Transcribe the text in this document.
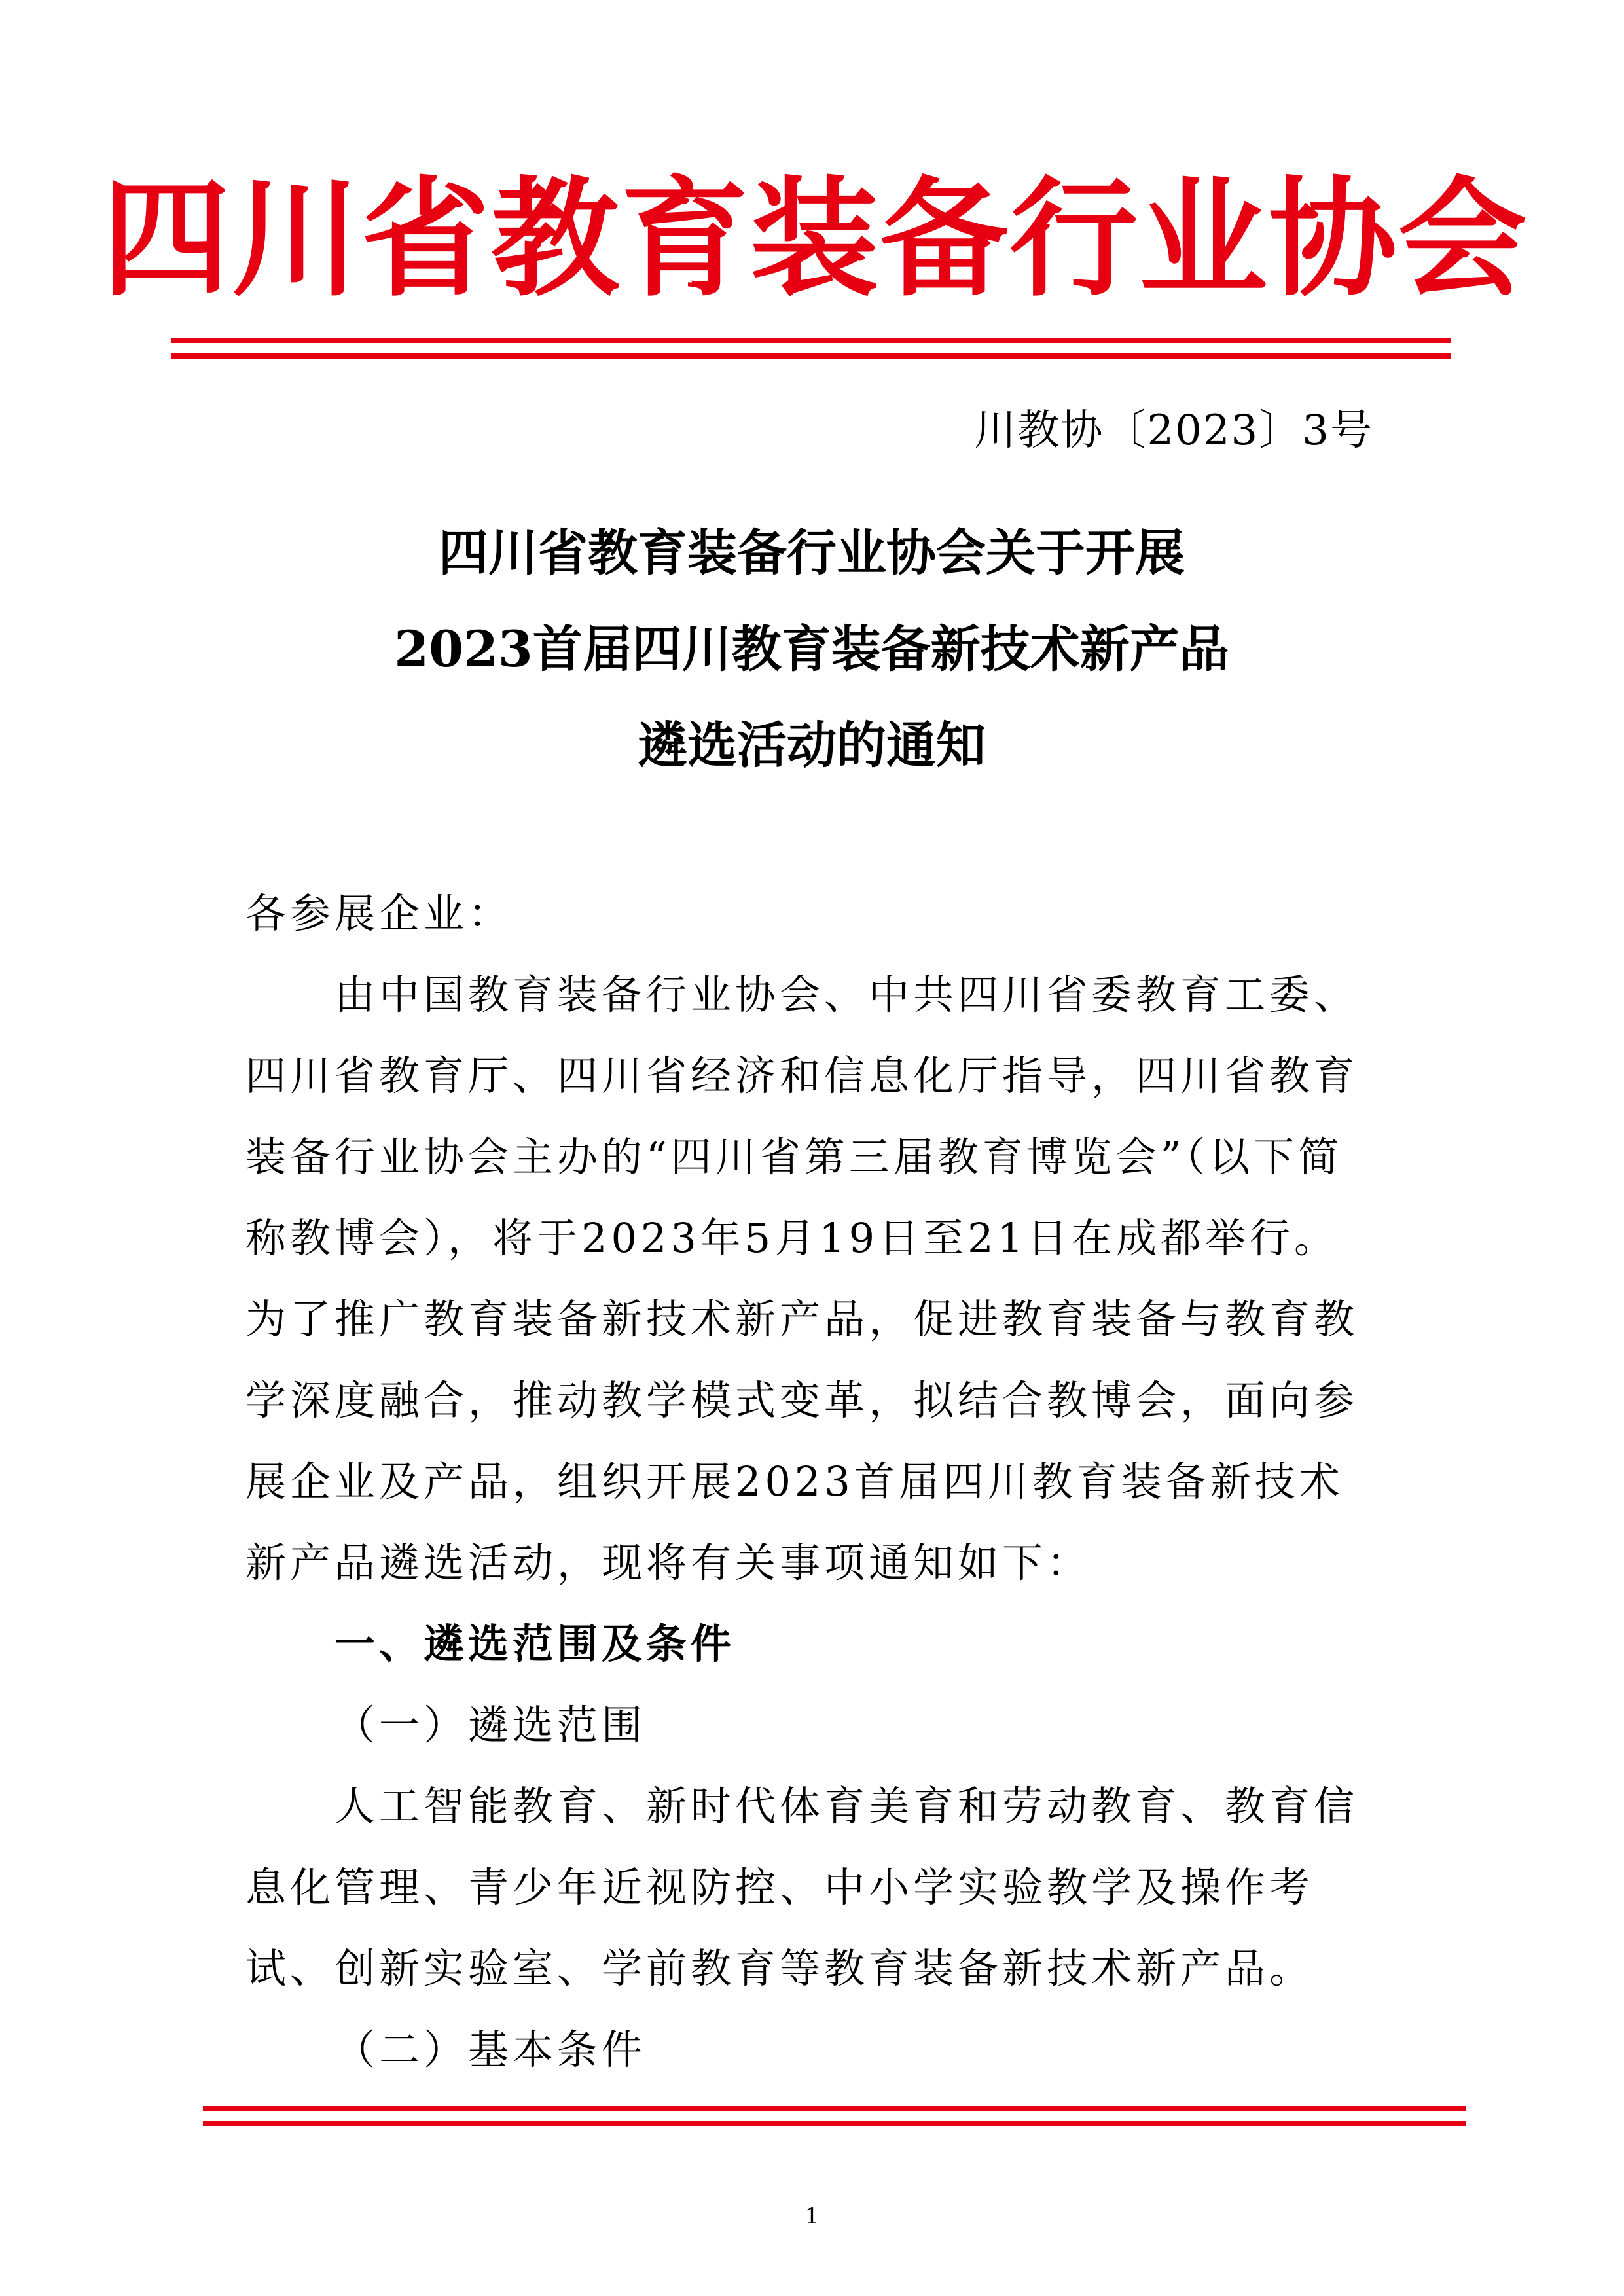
四川省教育装备行业协会
川教协〔2023〕3号
四川省教育装备行业协会关于开展
2023首届四川教育装备新技术新产品
遴选活动的通知

各参展企业：

由中国教育装备行业协会、中共四川省委教育工委、四川省教育厅、四川省经济和信息化厅指导，四川省教育装备行业协会主办的“四川省第三届教育博览会”（以下简称教博会），将于2023年5月19日至21日在成都举行。为了推广教育装备新技术新产品，促进教育装备与教育教学深度融合，推动教学模式变革，拟结合教博会，面向参展企业及产品，组织开展2023首届四川教育装备新技术新产品遴选活动，现将有关事项通知如下：

一、遴选范围及条件

（一）遴选范围

人工智能教育、新时代体育美育和劳动教育、教育信息化管理、青少年近视防控、中小学实验教学及操作考试、创新实验室、学前教育等教育装备新技术新产品。

（二）基本条件

1
